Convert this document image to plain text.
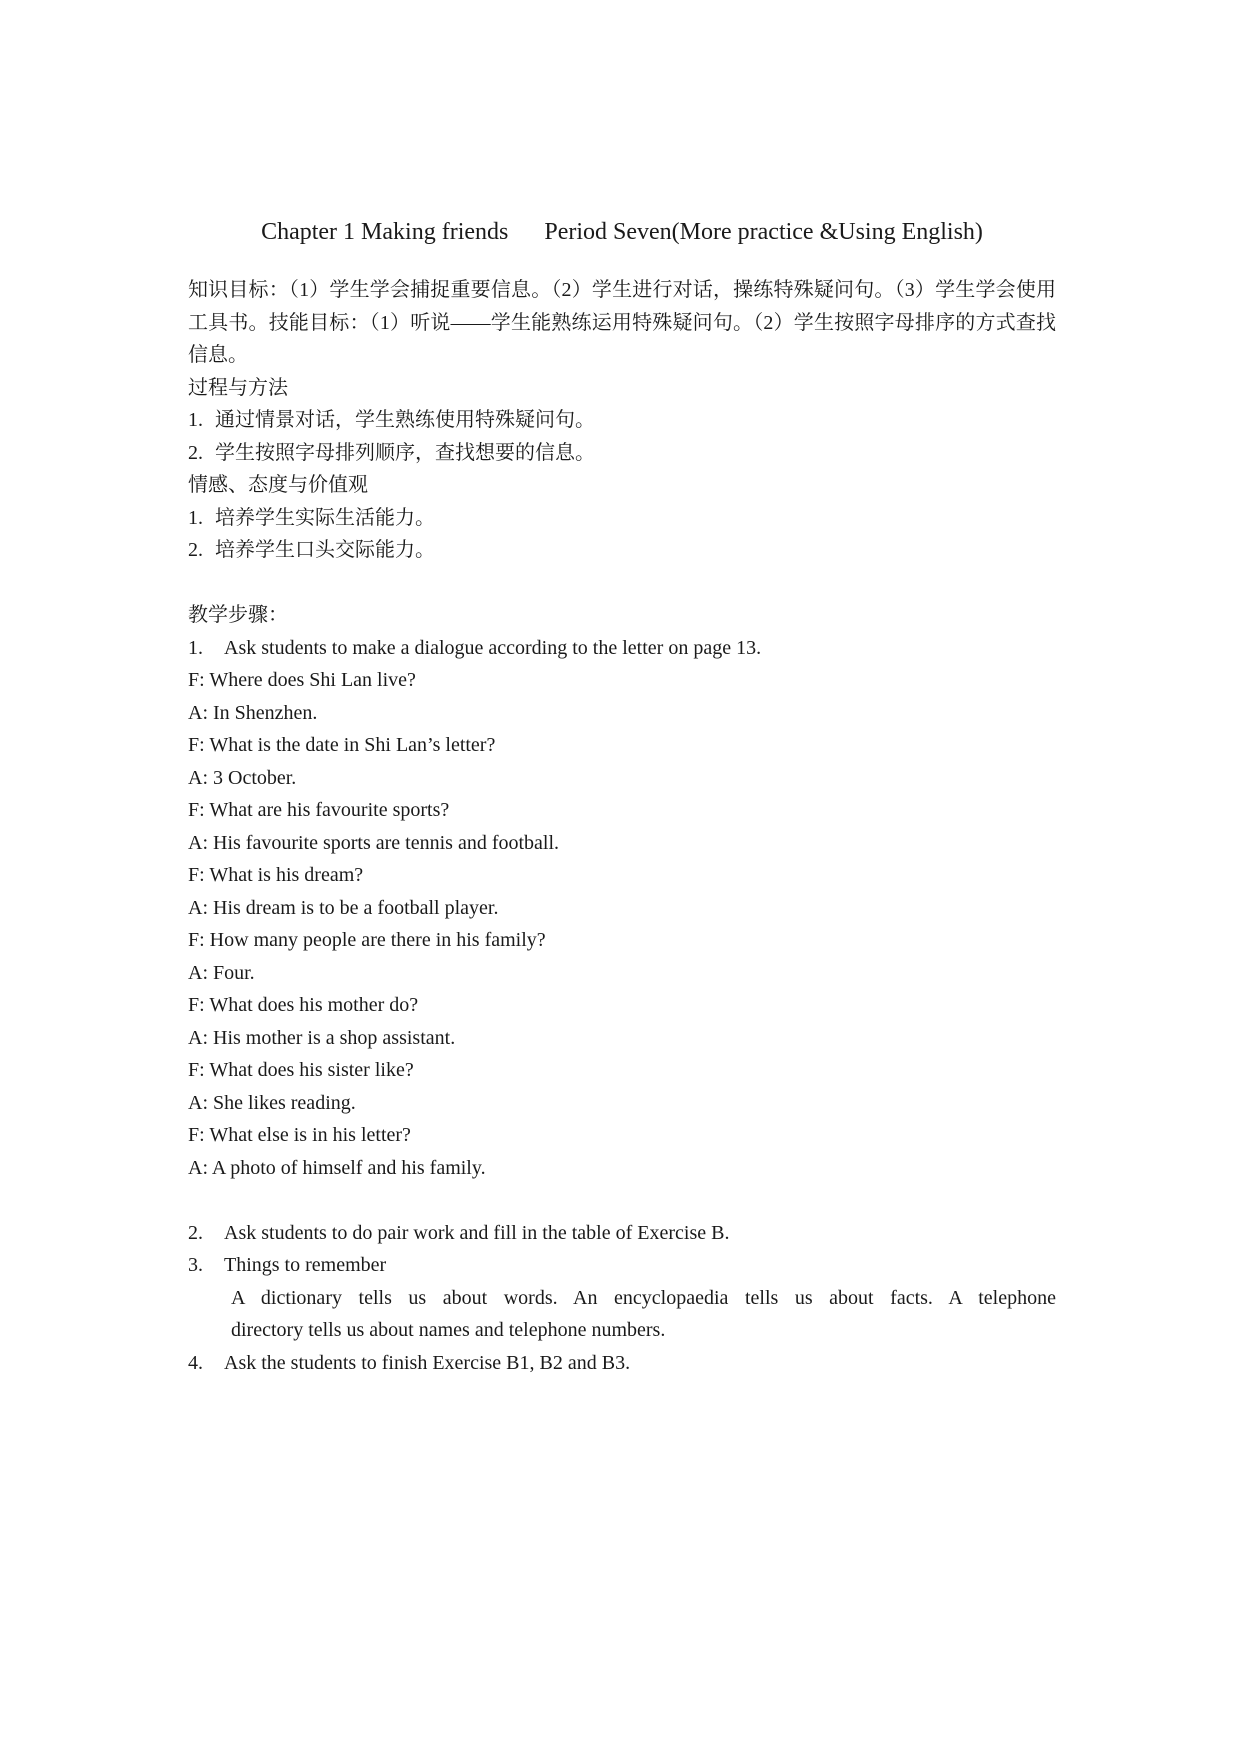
Chapter 1 Making friends      Period Seven(More practice &Using English)

知识目标：（1）学生学会捕捉重要信息。（2）学生进行对话，操练特殊疑问句。（3）学生学会使用工具书。技能目标：（1）听说——学生能熟练运用特殊疑问句。（2）学生按照字母排序的方式查找信息。

过程与方法

1. 通过情景对话，学生熟练使用特殊疑问句。

2. 学生按照字母排列顺序，查找想要的信息。

情感、态度与价值观

1. 培养学生实际生活能力。

2. 培养学生口头交际能力。

教学步骤：

1. Ask students to make a dialogue according to the letter on page 13.

F: Where does Shi Lan live?

A: In Shenzhen.

F: What is the date in Shi Lan’s letter?

A: 3 October.

F: What are his favourite sports?

A: His favourite sports are tennis and football.

F: What is his dream?

A: His dream is to be a football player.

F: How many people are there in his family?

A: Four.

F: What does his mother do?

A: His mother is a shop assistant.

F: What does his sister like?

A: She likes reading.

F: What else is in his letter?

A: A photo of himself and his family.

2. Ask students to do pair work and fill in the table of Exercise B.

3. Things to remember

A dictionary tells us about words. An encyclopaedia tells us about facts. A telephone

directory tells us about names and telephone numbers.

4. Ask the students to finish Exercise B1, B2 and B3.
